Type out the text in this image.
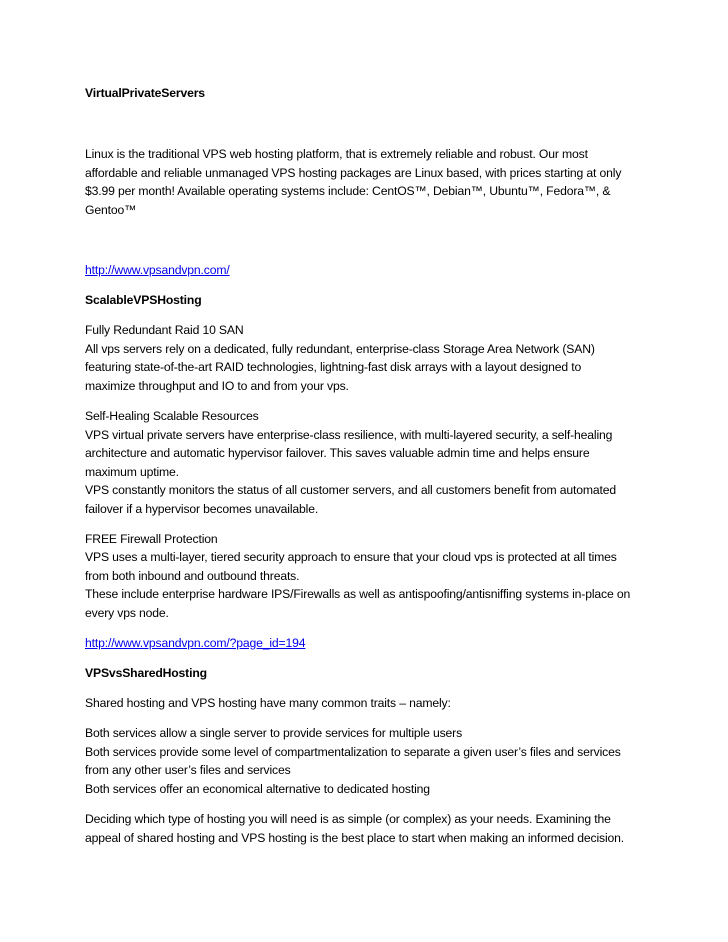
VirtualPrivateServers
Linux is the traditional VPS web hosting platform, that is extremely reliable and robust. Our most
affordable and reliable unmanaged VPS hosting packages are Linux based, with prices starting at only
$3.99 per month! Available operating systems include: CentOS™, Debian™, Ubuntu™, Fedora™, &
Gentoo™
http://www.vpsandvpn.com/
ScalableVPSHosting
Fully Redundant Raid 10 SAN
All vps servers rely on a dedicated, fully redundant, enterprise-class Storage Area Network (SAN)
featuring state-of-the-art RAID technologies, lightning-fast disk arrays with a layout designed to
maximize throughput and IO to and from your vps.
Self-Healing Scalable Resources
VPS virtual private servers have enterprise-class resilience, with multi-layered security, a self-healing
architecture and automatic hypervisor failover. This saves valuable admin time and helps ensure
maximum uptime.
VPS constantly monitors the status of all customer servers, and all customers benefit from automated
failover if a hypervisor becomes unavailable.
FREE Firewall Protection
VPS uses a multi-layer, tiered security approach to ensure that your cloud vps is protected at all times
from both inbound and outbound threats.
These include enterprise hardware IPS/Firewalls as well as antispoofing/antisniffing systems in-place on
every vps node.
http://www.vpsandvpn.com/?page_id=194
VPSvsSharedHosting
Shared hosting and VPS hosting have many common traits – namely:
Both services allow a single server to provide services for multiple users
Both services provide some level of compartmentalization to separate a given user’s files and services
from any other user’s files and services
Both services offer an economical alternative to dedicated hosting
Deciding which type of hosting you will need is as simple (or complex) as your needs. Examining the
appeal of shared hosting and VPS hosting is the best place to start when making an informed decision.
